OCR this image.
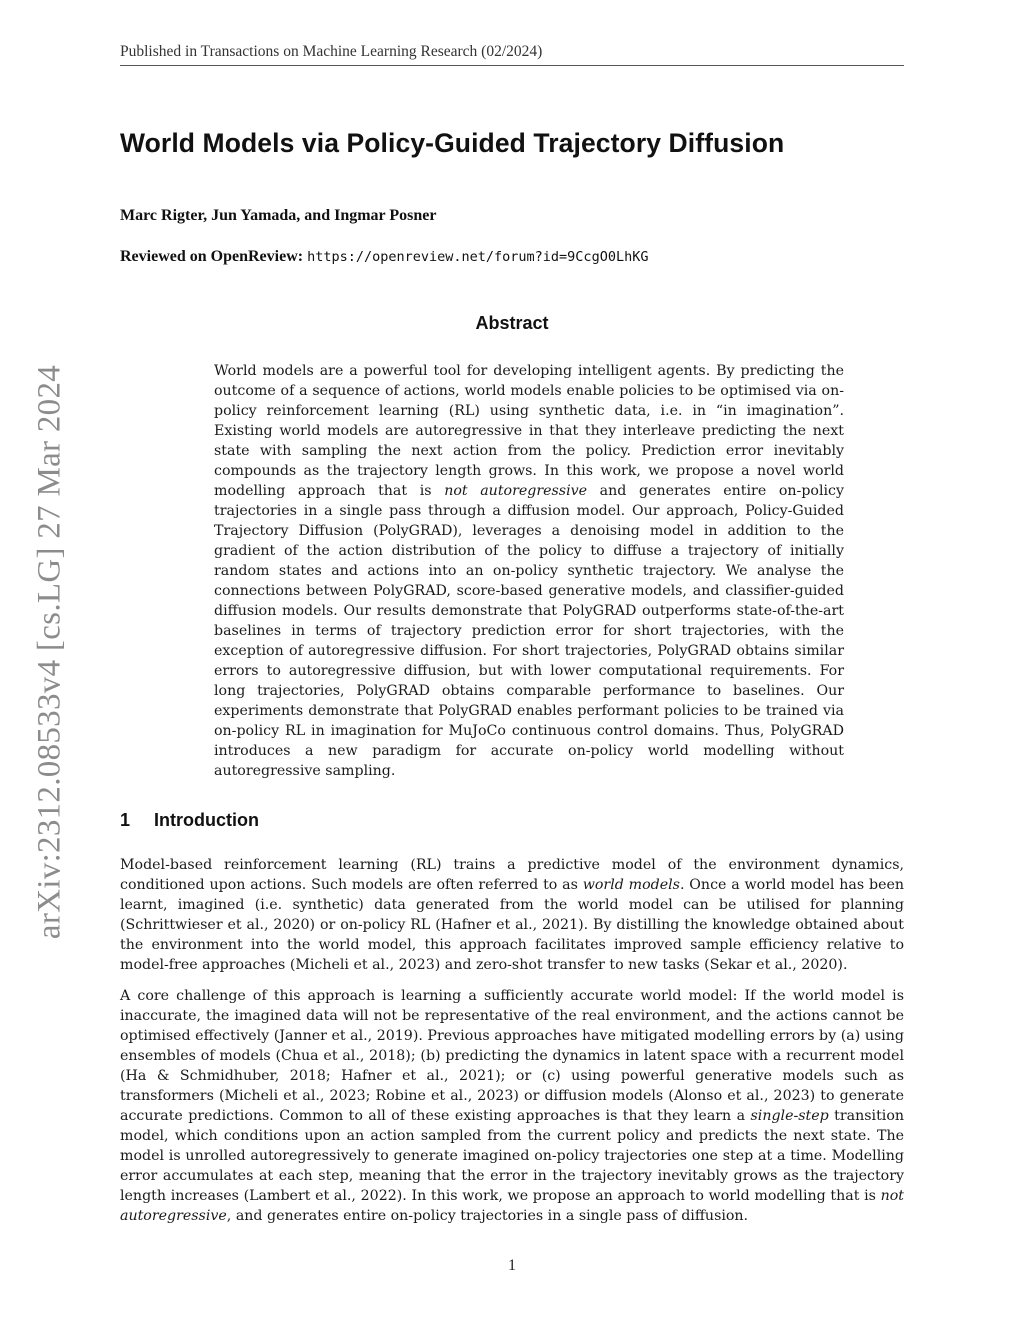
Published in Transactions on Machine Learning Research (02/2024)
World Models via Policy-Guided Trajectory Diffusion
Marc Rigter, Jun Yamada, and Ingmar Posner
Reviewed on OpenReview: https://openreview.net/forum?id=9CcgO0LhKG
Abstract

World models are a powerful tool for developing intelligent agents. By predicting the outcome of a sequence of actions, world models enable policies to be optimised via on-policy reinforcement learning (RL) using synthetic data, i.e. in “in imagination”. Existing world models are autoregressive in that they interleave predicting the next state with sampling the next action from the policy. Prediction error inevitably compounds as the trajectory length grows. In this work, we propose a novel world modelling approach that is not autoregressive and generates entire on-policy trajectories in a single pass through a diffusion model. Our approach, Policy-Guided Trajectory Diffusion (PolyGRAD), leverages a denoising model in addition to the gradient of the action distribution of the policy to diffuse a trajectory of initially random states and actions into an on-policy synthetic trajectory. We analyse the connections between PolyGRAD, score-based generative models, and classifier-guided diffusion models. Our results demonstrate that PolyGRAD outperforms state-of-the-art baselines in terms of trajectory prediction error for short trajectories, with the exception of autoregressive diffusion. For short trajectories, PolyGRAD obtains similar errors to autoregressive diffusion, but with lower computational requirements. For long trajectories, PolyGRAD obtains comparable performance to baselines. Our experiments demonstrate that PolyGRAD enables performant policies to be trained via on-policy RL in imagination for MuJoCo continuous control domains. Thus, PolyGRAD introduces a new paradigm for accurate on-policy world modelling without autoregressive sampling.

arXiv:2312.08533v4 [cs.LG] 27 Mar 2024	1 Introduction

Model-based reinforcement learning (RL) trains a predictive model of the environment dynamics, conditioned upon actions. Such models are often referred to as world models. Once a world model has been learnt, imagined (i.e. synthetic) data generated from the world model can be utilised for planning (Schrittwieser et al., 2020) or on-policy RL (Hafner et al., 2021). By distilling the knowledge obtained about the environment into the world model, this approach facilitates improved sample efficiency relative to model-free approaches (Micheli et al., 2023) and zero-shot transfer to new tasks (Sekar et al., 2020).

A core challenge of this approach is learning a sufficiently accurate world model: If the world model is inaccurate, the imagined data will not be representative of the real environment, and the actions cannot be optimised effectively (Janner et al., 2019). Previous approaches have mitigated modelling errors by (a) using ensembles of models (Chua et al., 2018); (b) predicting the dynamics in latent space with a recurrent model (Ha & Schmidhuber, 2018; Hafner et al., 2021); or (c) using powerful generative models such as transformers (Micheli et al., 2023; Robine et al., 2023) or diffusion models (Alonso et al., 2023) to generate accurate predictions. Common to all of these existing approaches is that they learn a single-step transition model, which conditions upon an action sampled from the current policy and predicts the next state. The model is unrolled autoregressively to generate imagined on-policy trajectories one step at a time. Modelling error accumulates at each step, meaning that the error in the trajectory inevitably grows as the trajectory length increases (Lambert et al., 2022). In this work, we propose an approach to world modelling that is not autoregressive, and generates entire on-policy trajectories in a single pass of diffusion.

1
